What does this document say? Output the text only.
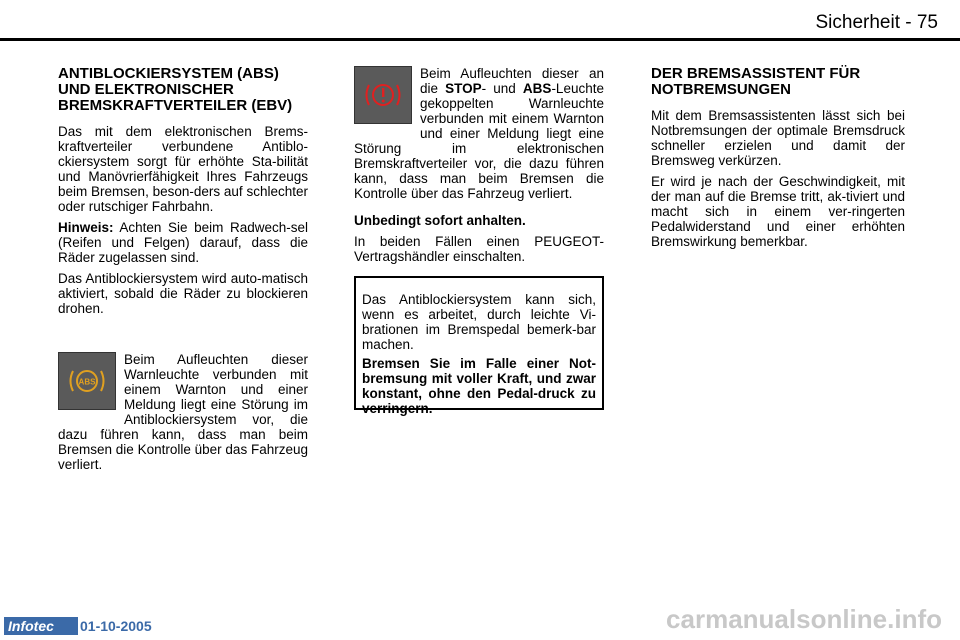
Sicherheit - 75
ANTIBLOCKIERSYSTEM (ABS) UND ELEKTRONISCHER BREMSKRAFTVERTEILER (EBV)

Das mit dem elektronischen Brems-kraftverteiler verbundene Antiblo-ckiersystem sorgt für erhöhte Sta-bilität und Manövrierfähigkeit Ihres Fahrzeugs beim Bremsen, beson-ders auf schlechter oder rutschiger Fahrbahn.

Hinweis: Achten Sie beim Radwech-sel (Reifen und Felgen) darauf, dass die Räder zugelassen sind.

Das Antiblockiersystem wird auto-matisch aktiviert, sobald die Räder zu blockieren drohen.

ABS

Beim Aufleuchten dieser Warnleuchte verbunden mit einem Warnton und einer Meldung liegt eine Störung im Antiblockiersystem vor, die dazu führen kann, dass man beim Bremsen die Kontrolle über das Fahrzeug verliert.

Beim Aufleuchten dieser an die STOP- und ABS-Leuchte gekoppelten Warnleuchte verbunden mit einem Warnton und einer Meldung liegt eine Störung im elektronischen Bremskraftverteiler vor, die dazu führen kann, dass man beim Bremsen die Kontrolle über das Fahrzeug verliert.

Unbedingt sofort anhalten.

In beiden Fällen einen PEUGEOT-Vertragshändler einschalten.

Das Antiblockiersystem kann sich, wenn es arbeitet, durch leichte Vi-brationen im Bremspedal bemerk-bar machen.

Bremsen Sie im Falle einer Not-bremsung mit voller Kraft, und zwar konstant, ohne den Pedal-druck zu verringern.

DER BREMSASSISTENT FÜR NOTBREMSUNGEN

Mit dem Bremsassistenten lässt sich bei Notbremsungen der optimale Bremsdruck schneller erzielen und damit der Bremsweg verkürzen.

Er wird je nach der Geschwindigkeit, mit der man auf die Bremse tritt, ak-tiviert und macht sich in einem ver-ringerten Pedalwiderstand und einer erhöhten Bremswirkung bemerkbar.

Infotec	01-10-2005	carmanualsonline.info
